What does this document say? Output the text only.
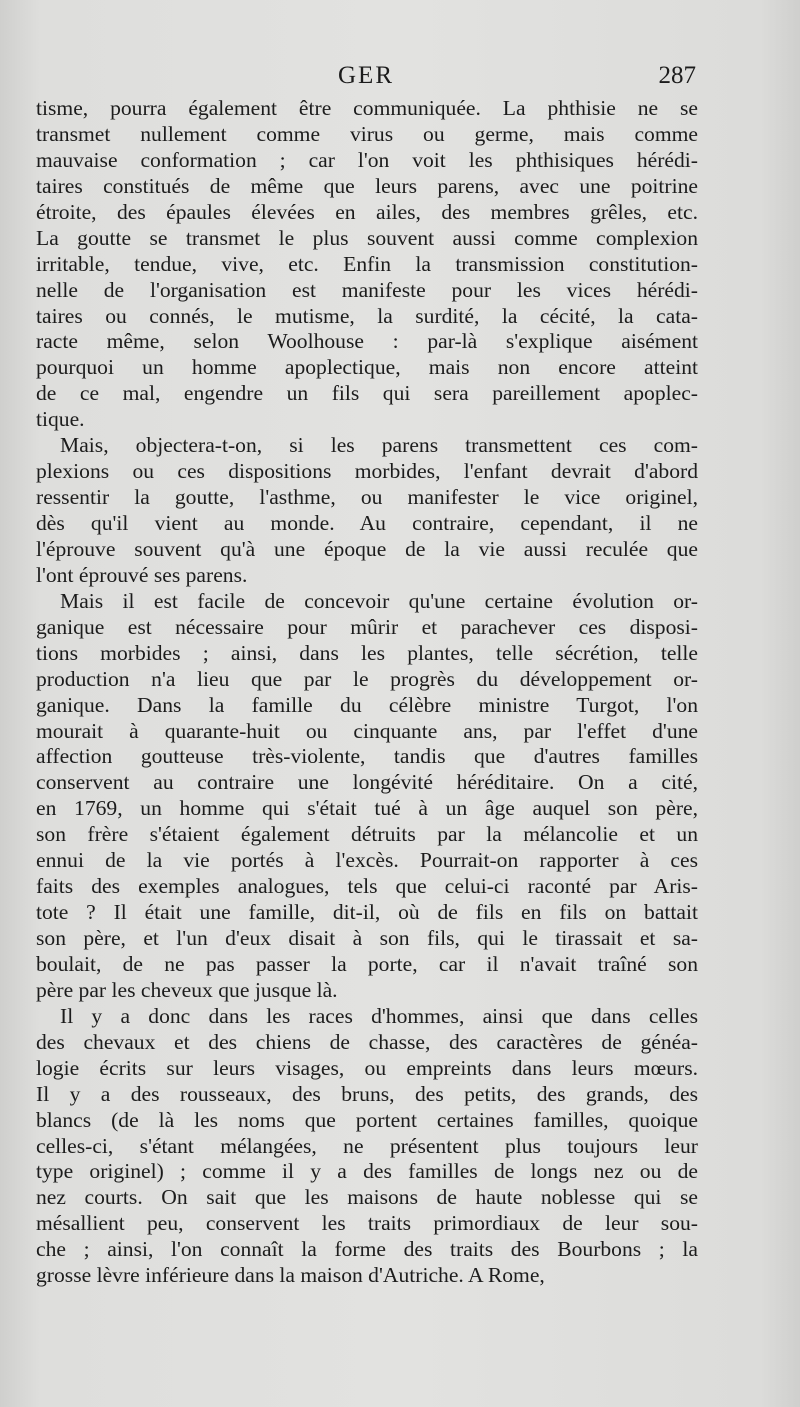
GER	287
tisme, pourra également être communiquée. La phthisie ne se
transmet nullement comme virus ou germe, mais comme
mauvaise conformation ; car l'on voit les phthisiques hérédi-
taires constitués de même que leurs parens, avec une poitrine
étroite, des épaules élevées en ailes, des membres grêles, etc.
La goutte se transmet le plus souvent aussi comme complexion
irritable, tendue, vive, etc. Enfin la transmission constitution-
nelle de l'organisation est manifeste pour les vices hérédi-
taires ou connés, le mutisme, la surdité, la cécité, la cata-
racte même, selon Woolhouse : par-là s'explique aisément
pourquoi un homme apoplectique, mais non encore atteint
de ce mal, engendre un fils qui sera pareillement apoplec-
tique.
Mais, objectera-t-on, si les parens transmettent ces com-
plexions ou ces dispositions morbides, l'enfant devrait d'abord
ressentir la goutte, l'asthme, ou manifester le vice originel,
dès qu'il vient au monde. Au contraire, cependant, il ne
l'éprouve souvent qu'à une époque de la vie aussi reculée que
l'ont éprouvé ses parens.
Mais il est facile de concevoir qu'une certaine évolution or-
ganique est nécessaire pour mûrir et parachever ces disposi-
tions morbides ; ainsi, dans les plantes, telle sécrétion, telle
production n'a lieu que par le progrès du développement or-
ganique. Dans la famille du célèbre ministre Turgot, l'on
mourait à quarante-huit ou cinquante ans, par l'effet d'une
affection goutteuse très-violente, tandis que d'autres familles
conservent au contraire une longévité héréditaire. On a cité,
en 1769, un homme qui s'était tué à un âge auquel son père,
son frère s'étaient également détruits par la mélancolie et un
ennui de la vie portés à l'excès. Pourrait-on rapporter à ces
faits des exemples analogues, tels que celui-ci raconté par Aris-
tote ? Il était une famille, dit-il, où de fils en fils on battait
son père, et l'un d'eux disait à son fils, qui le tirassait et sa-
boulait, de ne pas passer la porte, car il n'avait traîné son
père par les cheveux que jusque là.
Il y a donc dans les races d'hommes, ainsi que dans celles
des chevaux et des chiens de chasse, des caractères de généa-
logie écrits sur leurs visages, ou empreints dans leurs mœurs.
Il y a des rousseaux, des bruns, des petits, des grands, des
blancs (de là les noms que portent certaines familles, quoique
celles-ci, s'étant mélangées, ne présentent plus toujours leur
type originel) ; comme il y a des familles de longs nez ou de
nez courts. On sait que les maisons de haute noblesse qui se
mésallient peu, conservent les traits primordiaux de leur sou-
che ; ainsi, l'on connaît la forme des traits des Bourbons ; la
grosse lèvre inférieure dans la maison d'Autriche. A Rome,
